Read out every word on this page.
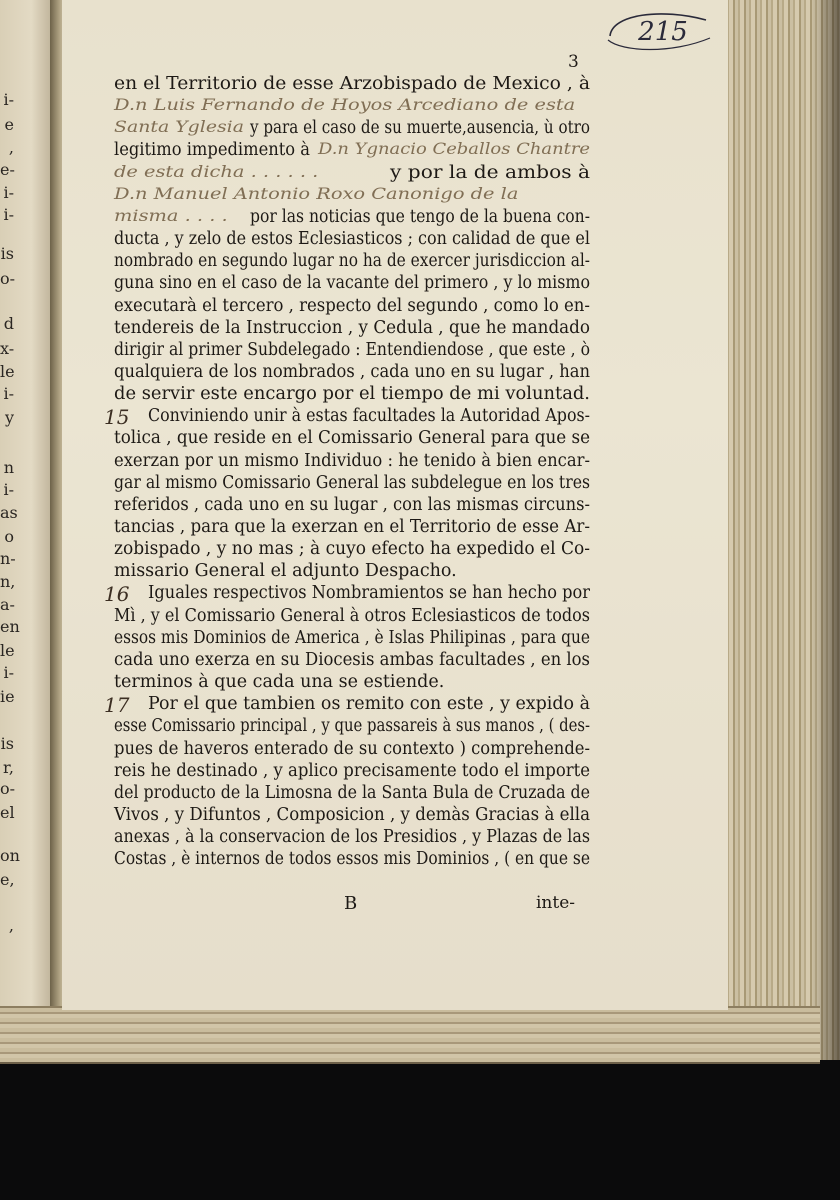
i-
e
,
e-
i-
i-
is
o-
d
x-
le
i-
y
n
i-
as
o
n-
n,
a-
en
le
i-
ie
is
r,
o-
el
on
e,
,
215
3
en el Territorio de esse Arzobispado de Mexico , à
D.n Luis Fernando de Hoyos Arcediano de esta
Santa Yglesia y para el caso de su muerte,ausencia, ù otro
legitimo impedimento à D.n Ygnacio Ceballos Chantre
de esta dicha . . . . . .	y por la de ambos à
D.n Manuel Antonio Roxo Canonigo de la
misma . . . . por las noticias que tengo de la buena con-
ducta , y zelo de estos Eclesiasticos ; con calidad de que el
nombrado en segundo lugar no ha de exercer jurisdiccion al-
guna sino en el caso de la vacante del primero , y lo mismo
executarà el tercero , respecto del segundo , como lo en-
tendereis de la Instruccion , y Cedula , que he mandado
dirigir al primer Subdelegado : Entendiendose , que este , ò
qualquiera de los nombrados , cada uno en su lugar , han
de servir este encargo por el tiempo de mi voluntad.
15 Conviniendo unir à estas facultades la Autoridad Apos-
tolica , que reside en el Comissario General para que se
exerzan por un mismo Individuo : he tenido à bien encar-
gar al mismo Comissario General las subdelegue en los tres
referidos , cada uno en su lugar , con las mismas circuns-
tancias , para que la exerzan en el Territorio de esse Ar-
zobispado , y no mas ; à cuyo efecto ha expedido el Co-
missario General el adjunto Despacho.
16 Iguales respectivos Nombramientos se han hecho por
Mì , y el Comissario General à otros Eclesiasticos de todos
essos mis Dominios de America , è Islas Philipinas , para que
cada uno exerza en su Diocesis ambas facultades , en los
terminos à que cada una se estiende.
17 Por el que tambien os remito con este , y expido à
esse Comissario principal , y que passareis à sus manos , ( des-
pues de haveros enterado de su contexto ) comprehende-
reis he destinado , y aplico precisamente todo el importe
del producto de la Limosna de la Santa Bula de Cruzada de
Vivos , y Difuntos , Composicion , y demàs Gracias à ella
anexas , à la conservacion de los Presidios , y Plazas de las
Costas , è internos de todos essos mis Dominios , ( en que se
B	inte-
